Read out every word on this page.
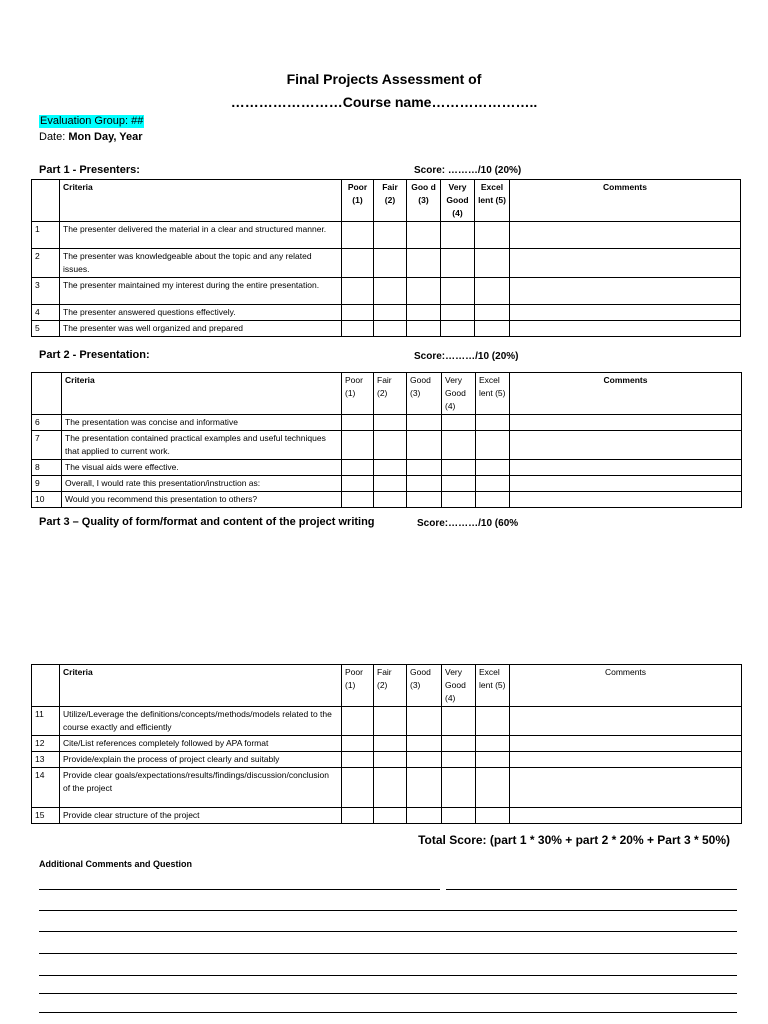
Final Projects Assessment of
……………………Course name…………………..
Evaluation Group: ##
Date: Mon Day, Year
Part 1 - Presenters:	Score: ………/10 (20%)
	Criteria	Poor (1)	Fair (2)	Goo d (3)	Very Good (4)	Excel lent (5)	Comments
1	The presenter delivered the material in a clear and structured manner.						
2	The presenter was knowledgeable about the topic and any related issues.						
3	The presenter maintained my interest during the entire presentation.						
4	The presenter answered questions effectively.						
5	The presenter was well organized and prepared						
Part 2 - Presentation:	Score:………/10 (20%)
	Criteria	Poor (1)	Fair (2)	Good (3)	Very Good (4)	Excel lent (5)	Comments
6	The presentation was concise and informative						
7	The presentation contained practical examples and useful techniques that applied to current work.						
8	The visual aids were effective.						
9	Overall, I would rate this presentation/instruction as:						
10	Would you recommend this presentation to others?						
Part 3 – Quality of form/format and content of the project writing	Score:………/10 (60%
	Criteria	Poor (1)	Fair (2)	Good (3)	Very Good (4)	Excel lent (5)	Comments
11	Utilize/Leverage the definitions/concepts/methods/models related to the course exactly and efficiently						
12	Cite/List references completely followed by APA format						
13	Provide/explain the process of project clearly and suitably						
14	Provide clear goals/expectations/results/findings/discussion/conclusion of the project						
15	Provide clear structure of the project						
Total Score: (part 1 * 30% + part 2 * 20% + Part 3 * 50%)
Additional Comments and Question
